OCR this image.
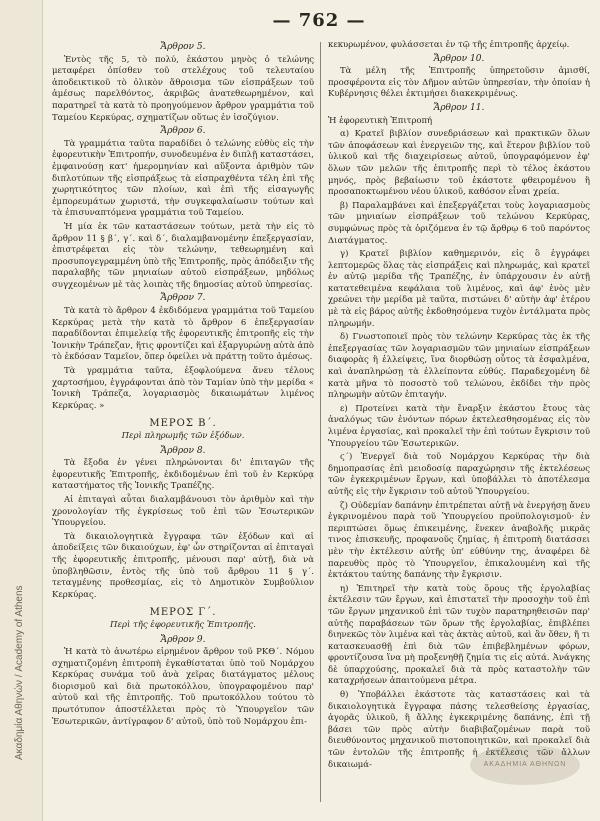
Ακαδημία Αθηνών / Academy of Athens
— 762 —

Ἄρθρον 5.

Ἐντὸς τῆς 5, τὸ πολύ, ἑκάστου μηνὸς ὁ τελώνης μεταφέρει ὀπίσθεν τοῦ στελέχους τοῦ τελευταίου ἀποδεικτικοῦ τὸ ὁλικὸν ἄθροισμα τῶν εἰσπράξεων τοῦ ἀμέσως παρελθόντος, ἀκριβῶς ἀνατεθεωρημένον, καὶ παρατηρεῖ τὰ κατὰ τὸ προηγούμενον ἄρθρον γραμμάτια τοῦ Ταμείου Κερκύρας, σχηματίζων οὕτως ἐν ἰσοζύγιον.

Ἄρθρον 6.

Τὰ γραμμάτια ταῦτα παραδίδει ὁ τελώνης εὐθὺς εἰς τὴν ἐφορευτικὴν Ἐπιτροπήν, συνοδευμένα ἐν διπλῇ καταστάσει, ἐμφαινούσῃ κατ' ἡμερομηνίαν καὶ αὔξοντα ἀριθμὸν τῶν διπλοτύπων τῆς εἰσπράξεως τὰ εἰσπραχθέντα τέλη ἐπὶ τῆς χωρητικότητος τῶν πλοίων, καὶ ἐπὶ τῆς εἰσαγωγῆς ἐμπορευμάτων χωριστά, τὴν συγκεφαλαίωσιν τούτων καὶ τὰ ἐπισυναπτόμενα γραμμάτια τοῦ Ταμείου.

Ἡ μία ἐκ τῶν καταστάσεων τούτων, μετὰ τὴν εἰς τὸ ἄρθρον 11 § β΄, γ΄. καὶ δ΄, διαλαμβανομένην ἐπεξεργασίαν, ἐπιστρέφεται εἰς τὸν τελώνην, τεθεωρημένη καὶ προσυπογεγραμμένη ὑπὸ τῆς Ἐπιτροπῆς, πρὸς ἀπόδειξιν τῆς παραλαβῆς τῶν μηνιαίων αὐτοῦ εἰσπράξεων, μηδόλως συγχεομένων μὲ τὰς λοιπὰς τῆς δημοσίας αὐτοῦ ὑπηρεσίας.

Ἄρθρον 7.

Τὰ κατὰ τὸ ἄρθρον 4 ἐκδιδόμενα γραμμάτια τοῦ Ταμείου Κερκύρας μετὰ τὴν κατὰ τὸ ἄρθρον 6 ἐπεξεργασίαν παραδίδονται ἐπιμελείᾳ τῆς ἐφορευτικῆς ἐπιτροπῆς εἰς τὴν Ἰονικὴν Τράπεζαν, ἥτις φροντίζει καὶ ἐξαργυρώνῃ αὐτὰ ἀπὸ τὸ ἐκδόσαν Ταμεῖον, ὅπερ ὀφείλει νὰ πράττῃ τοῦτο ἀμέσως.

Τὰ γραμμάτια ταῦτα, ἐξοφλούμενα ἄνευ τέλους χαρτοσήμου, ἐγγράφονται ἀπὸ τὸν Ταμίαν ὑπὸ τὴν μερίδα « Ἰονικὴ Τράπεζα, λογαριασμὸς δικαιωμάτων λιμένος Κερκύρας. »

ΜΕΡΟΣ Β΄.

Περὶ πληρωμῆς τῶν ἐξόδων.

Ἄρθρον 8.

Τὰ ἔξοδα ἐν γένει πληρώνονται δι' ἐπιταγῶν τῆς ἐφορευτικῆς Ἐπιτροπῆς, ἐκδιδομένων ἐπὶ τοῦ ἐν Κερκύρᾳ καταστήματος τῆς Ἰονικῆς Τραπέζης.

Αἱ ἐπιταγαὶ αὗται διαλαμβάνουσι τὸν ἀριθμὸν καὶ τὴν χρονολογίαν τῆς ἐγκρίσεως τοῦ ἐπὶ τῶν Ἐσωτερικῶν Ὑπουργείου.

Τὰ δικαιολογητικὰ ἔγγραφα τῶν ἐξόδων καὶ αἱ ἀποδείξεις τῶν δικαιούχων, ἐφ' ὧν στηρίζονται αἱ ἐπιταγαὶ τῆς ἐφορευτικῆς ἐπιτροπῆς, μένουσι παρ' αὐτῇ, διὰ νὰ ὑποβληθῶσιν, ἐντὸς τῆς ὑπὸ τοῦ ἄρθρου 11 § γ΄. τεταγμένης προθεσμίας, εἰς τὸ Δημοτικὸν Συμβούλιον Κερκύρας.

ΜΕΡΟΣ Γ΄.

Περὶ τῆς ἐφορευτικῆς Ἐπιτροπῆς.

Ἄρθρον 9.

Ἡ κατὰ τὸ ἀνωτέρω εἰρημένον ἄρθρον τοῦ ΡΚΘ΄. Νόμου σχηματιζομένη ἐπιτροπὴ ἐγκαθίσταται ὑπὸ τοῦ Νομάρχου Κερκύρας συνάμα τοῦ ἀνὰ χεῖρας διατάγματος μέλους διορισμοῦ καὶ διὰ πρωτοκόλλου, ὑπογραφομένου παρ' αὐτοῦ καὶ τῆς ἐπιτροπῆς. Τοῦ πρωτοκόλλου τούτου τὸ πρωτότυπον ἀποστέλλεται πρὸς τὸ Ὑπουργεῖον τῶν Ἐσωτερικῶν, ἀντίγραφον δ' αὐτοῦ, ὑπὸ τοῦ Νομάρχου ἐπι-

κεκυρωμένον, φυλάσσεται ἐν τῷ τῆς ἐπιτροπῆς ἀρχείῳ.

Ἄρθρον 10.

Τὰ μέλη τῆς Ἐπιτροπῆς ὑπηρετοῦσιν ἀμισθί, προσφέροντα εἰς τὸν Δῆμον αὐτῶν ὑπηρεσίαν, τὴν ὁποίαν ἡ Κυβέρνησις θέλει ἐκτιμήσει διακεκριμένως.

Ἄρθρον 11.

Ἡ ἐφορευτικὴ Ἐπιτροπή

α) Κρατεῖ βιβλίον συνεδριάσεων καὶ πρακτικῶν ὅλων τῶν ἀποφάσεων καὶ ἐνεργειῶν της, καὶ ἕτερον βιβλίον τοῦ ὑλικοῦ καὶ τῆς διαχειρίσεως αὐτοῦ, ὑπογραφόμενον ἐφ' ὅλων τῶν μελῶν τῆς ἐπιτροπῆς περὶ τὸ τέλος ἑκάστου μηνός, πρὸς βεβαίωσιν τοῦ ἑκάστοτε φθειρομένου ἢ προσαποκτωμένου νέου ὑλικοῦ, καθόσον εἶναι χρεία.

β) Παραλαμβάνει καὶ ἐπεξεργάζεται τοὺς λογαριασμοὺς τῶν μηνιαίων εἰσπράξεων τοῦ τελώνου Κερκύρας, συμφώνως πρὸς τὰ ὁριζόμενα ἐν τῷ ἄρθρῳ 6 τοῦ παρόντος Διατάγματος.

γ) Κρατεῖ βιβλίον καθημερινόν, εἰς ὃ ἐγγράφει λεπτομερῶς ὅλας τὰς εἰσπράξεις καὶ πληρωμάς, καὶ κρατεῖ ἐν αὐτῷ μερίδα τῆς Τραπέζης, ἐν ὑπάρχουσιν ἐν αὐτῇ κατατεθειμένα κεφάλαια τοῦ λιμένος, καὶ ἀφ' ἑνὸς μὲν χρεώνει τὴν μερίδα μὲ ταῦτα, πιστώνει δ' αὐτὴν ἀφ' ἑτέρου μὲ τὰ εἰς βάρος αὐτῆς ἐκδοθησόμενα τυχὸν ἐντάλματα πρὸς πληρωμήν.

δ) Γνωστοποιεῖ πρὸς τὸν τελώνην Κερκύρας τὰς ἐκ τῆς ἐπεξεργασίας τῶν λογαριασμῶν τῶν μηνιαίων εἰσπράξεων διαφορὰς ἢ ἐλλείψεις, ἵνα διορθώσῃ οὗτος τὰ ἐσφαλμένα, καὶ ἀναπληρώσῃ τὰ ἐλλείποντα εὐθύς. Παραδεχομένη δὲ κατὰ μῆνα τὸ ποσοστὸ τοῦ τελώνου, ἐκδίδει τὴν πρὸς πληρωμὴν αὐτῶν ἐπιταγήν.

ε) Προτείνει κατὰ τὴν ἔναρξιν ἑκάστου ἔτους τὰς ἀναλόγως τῶν ἐνόντων πόρων ἐκτελεσθησομένας εἰς τὸν λιμένα ἐργασίας, καὶ προκαλεῖ τὴν ἐπὶ τούτων ἔγκρισιν τοῦ Ὑπουργείου τῶν Ἐσωτερικῶν.

ϛ΄) Ἐνεργεῖ διὰ τοῦ Νομάρχου Κερκύρας τὴν διὰ δημοπρασίας ἐπὶ μειοδοσίᾳ παραχώρησιν τῆς ἐκτελέσεως τῶν ἐγκεκριμένων ἔργων, καὶ ὑποβάλλει τὸ ἀποτέλεσμα αὐτῆς εἰς τὴν ἔγκρισιν τοῦ αὐτοῦ Ὑπουργείου.

ζ) Οὐδεμίαν δαπάνην ἐπιτρέπεται αὐτῇ νὰ ἐνεργήσῃ ἄνευ ἐγκρινομένου παρὰ τοῦ Ὑπουργείου προϋπολογισμοῦ· ἐν περιπτώσει ὅμως ἐπικειμένης, ἕνεκεν ἀναβολῆς μικρᾶς τινος ἐπισκευῆς, προφανοῦς ζημίας, ἡ ἐπιτροπὴ διατάσσει μὲν τὴν ἐκτέλεσιν αὐτῆς ὑπ' εὐθύνην της, ἀναφέρει δὲ παρευθὺς πρὸς τὸ Ὑπουργεῖον, ἐπικαλουμένη καὶ τῆς ἐκτάκτου ταύτης δαπάνης τὴν ἔγκρισιν.

η) Ἐπιτηρεῖ τὴν κατὰ τοὺς ὅρους τῆς ἐργολαβίας ἐκτέλεσιν τῶν ἔργων, καὶ ἐπιστατεῖ τὴν προσοχὴν τοῦ ἐπὶ τῶν ἔργων μηχανικοῦ ἐπὶ τῶν τυχὸν παρατηρηθεισῶν παρ' αὐτῆς παραβάσεων τῶν ὅρων τῆς ἐργολαβίας, ἐπιβλέπει διηνεκῶς τὸν λιμένα καὶ τὰς ἀκτὰς αὐτοῦ, καὶ ἂν ὅθεν, ἤ τι κατασκευασθῇ ἐπὶ διὰ τῶν ἐπιβεβλημένων φόρων, φροντίζουσα ἵνα μὴ προξενηθῇ ζημία τις εἰς αὐτά. Ἀνάγκης δὲ ὑπαρχούσης, προκαλεῖ διὰ τὰ πρὸς καταστολὴν τῶν καταχρήσεων ἀπαιτούμενα μέτρα.

θ) Ὑποβάλλει ἑκάστοτε τὰς καταστάσεις καὶ τὰ δικαιολογητικὰ ἔγγραφα πάσης τελεσθείσης ἐργασίας, ἀγορᾶς ὑλικοῦ, ἢ ἄλλης ἐγκεκριμένης δαπάνης, ἐπὶ τῇ βάσει τῶν πρὸς αὐτὴν διαβιβαζομένων παρὰ τοῦ διευθύνοντος μηχανικοῦ πιστοποιητικῶν, καὶ προκαλεῖ διὰ τῶν ἐντολῶν τῆς ἐπιτροπῆς ἡ ἐκτέλεσις τῶν ἄλλων δικαιωμά-	ΑΚΑΔΗΜΙΑ ΑΘΗΝΩΝ
